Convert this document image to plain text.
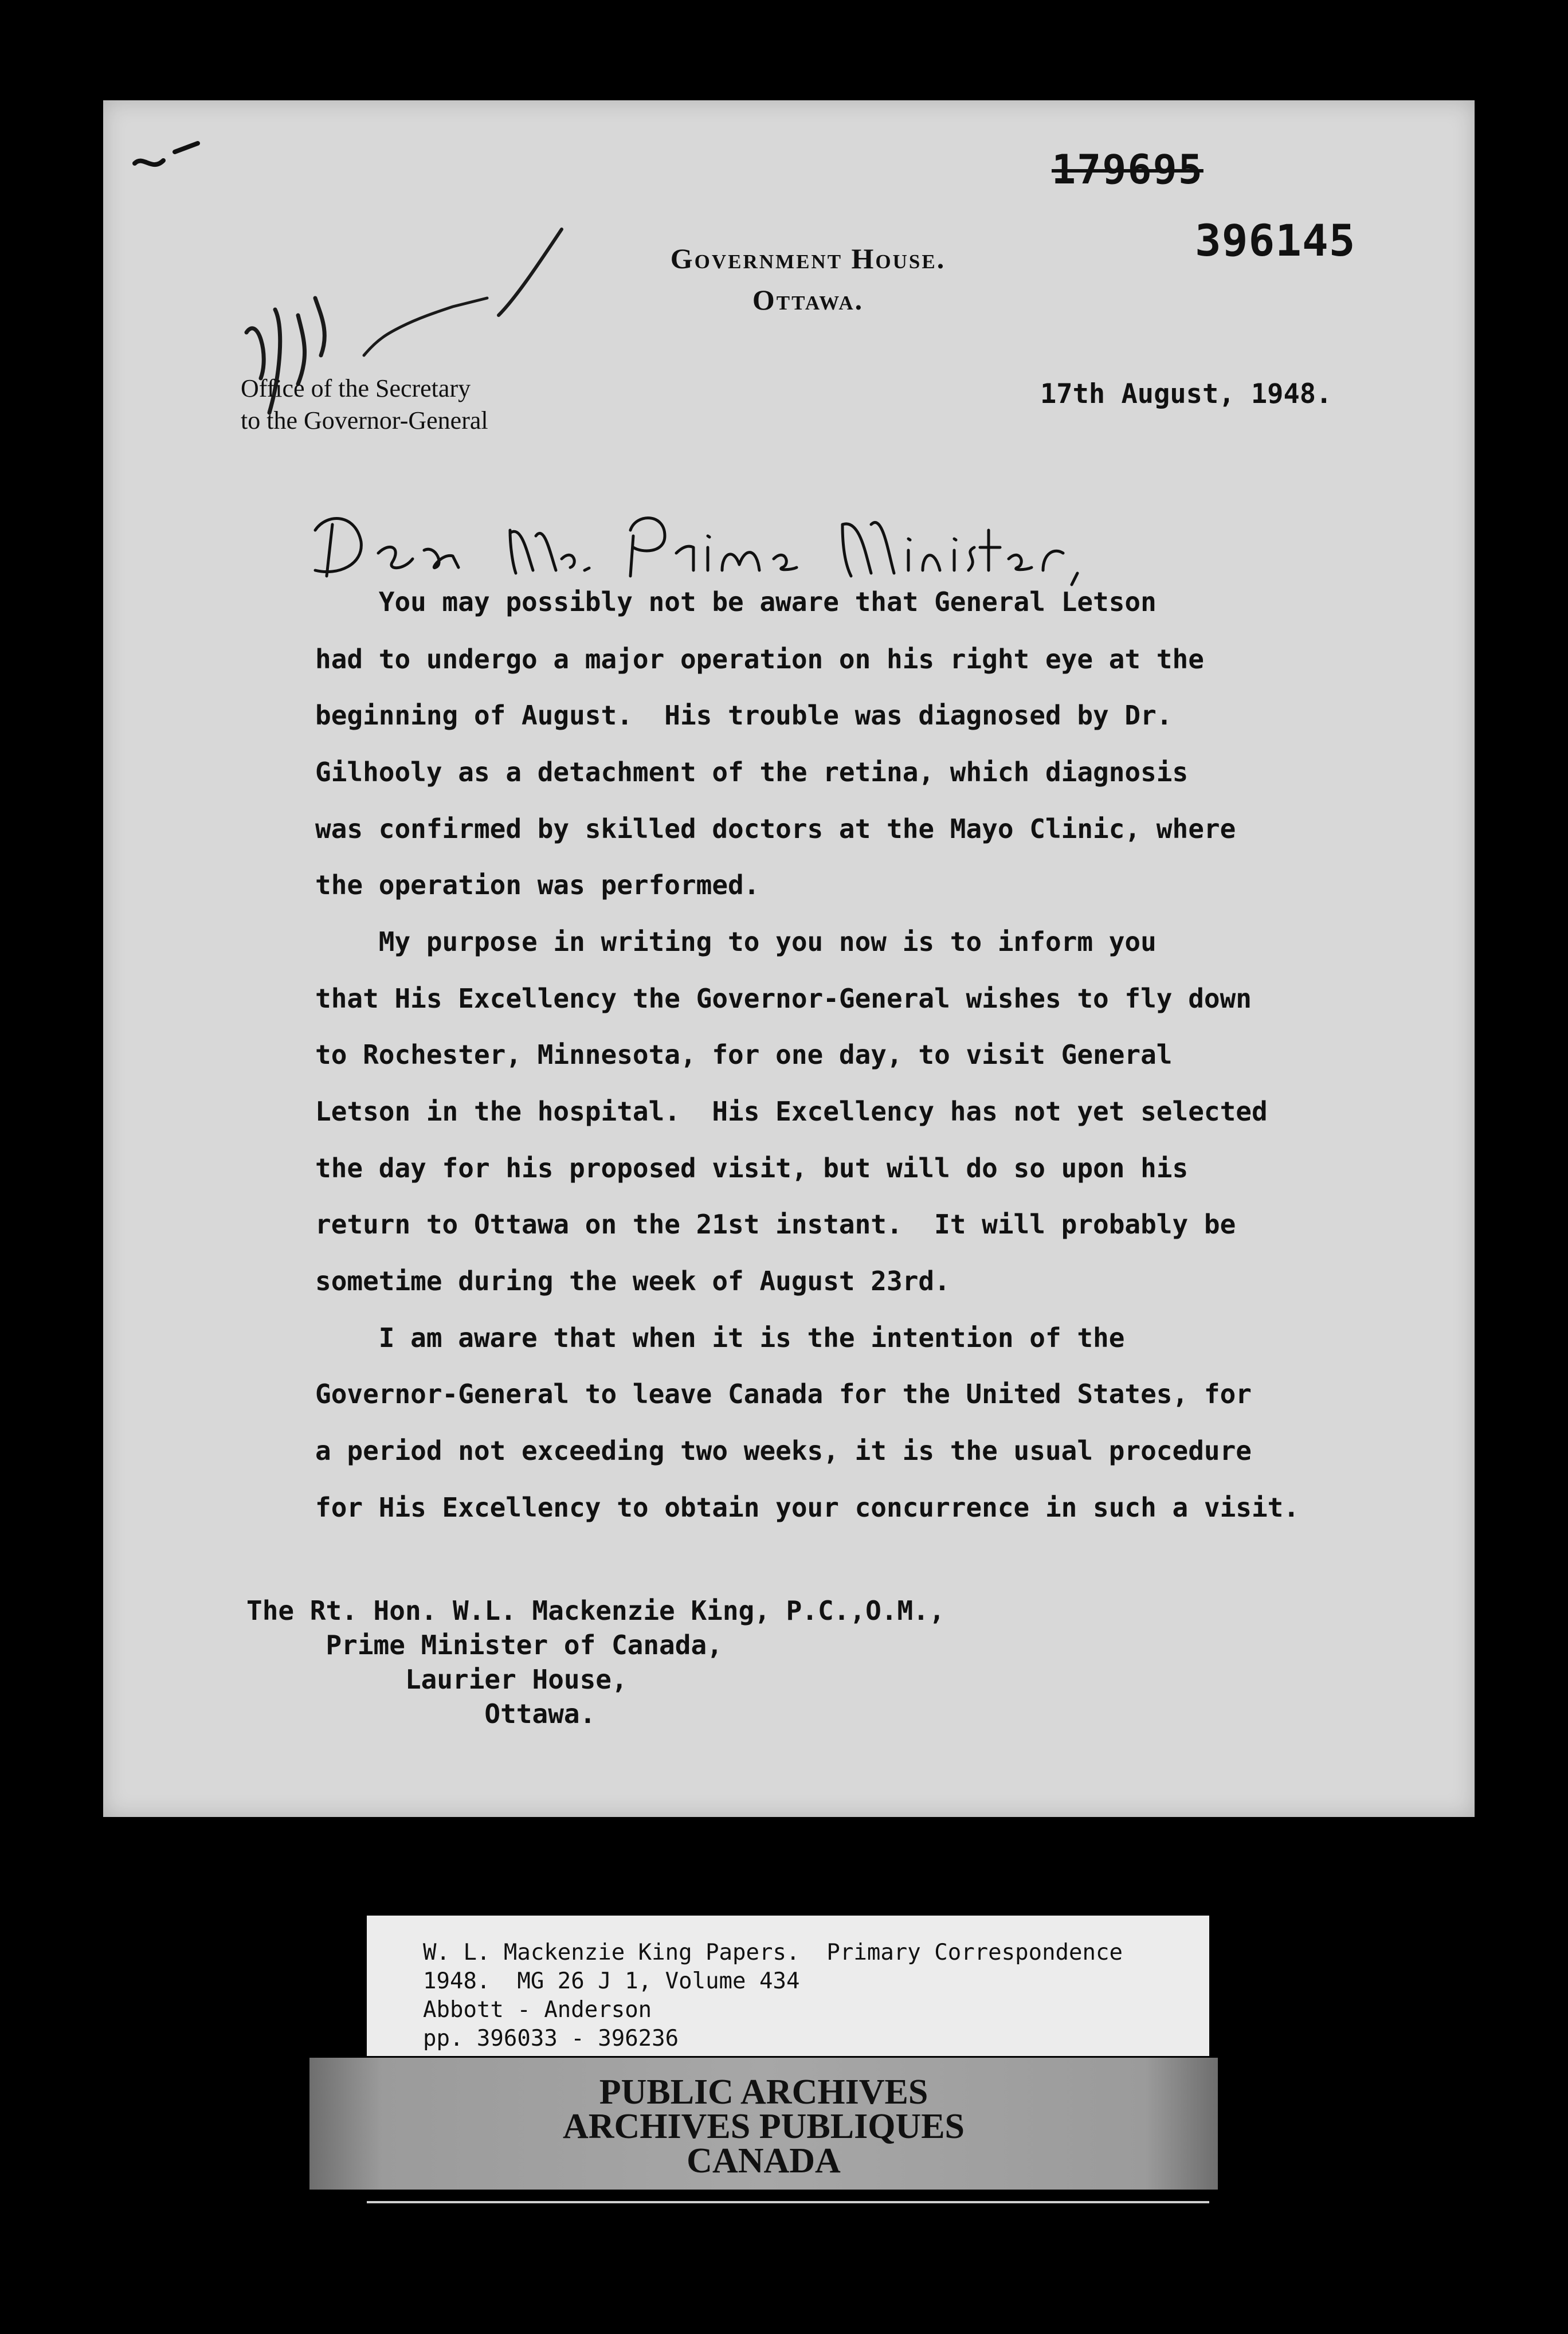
179695
396145
Government House.
Ottawa.
Office of the Secretary
to the Governor-General
17th August, 1948.
You may possibly not be aware that General Letson
had to undergo a major operation on his right eye at the
beginning of August.  His trouble was diagnosed by Dr.
Gilhooly as a detachment of the retina, which diagnosis
was confirmed by skilled doctors at the Mayo Clinic, where
the operation was performed.
My purpose in writing to you now is to inform you
that His Excellency the Governor-General wishes to fly down
to Rochester, Minnesota, for one day, to visit General
Letson in the hospital.  His Excellency has not yet selected
the day for his proposed visit, but will do so upon his
return to Ottawa on the 21st instant.  It will probably be
sometime during the week of August 23rd.
I am aware that when it is the intention of the
Governor-General to leave Canada for the United States, for
a period not exceeding two weeks, it is the usual procedure
for His Excellency to obtain your concurrence in such a visit.
The Rt. Hon. W.L. Mackenzie King, P.C.,O.M.,
Prime Minister of Canada,
Laurier House,
Ottawa.
W. L. Mackenzie King Papers.  Primary Correspondence
1948.  MG 26 J 1, Volume 434
Abbott - Anderson
pp. 396033 - 396236
PUBLIC ARCHIVES
ARCHIVES PUBLIQUES
CANADA
